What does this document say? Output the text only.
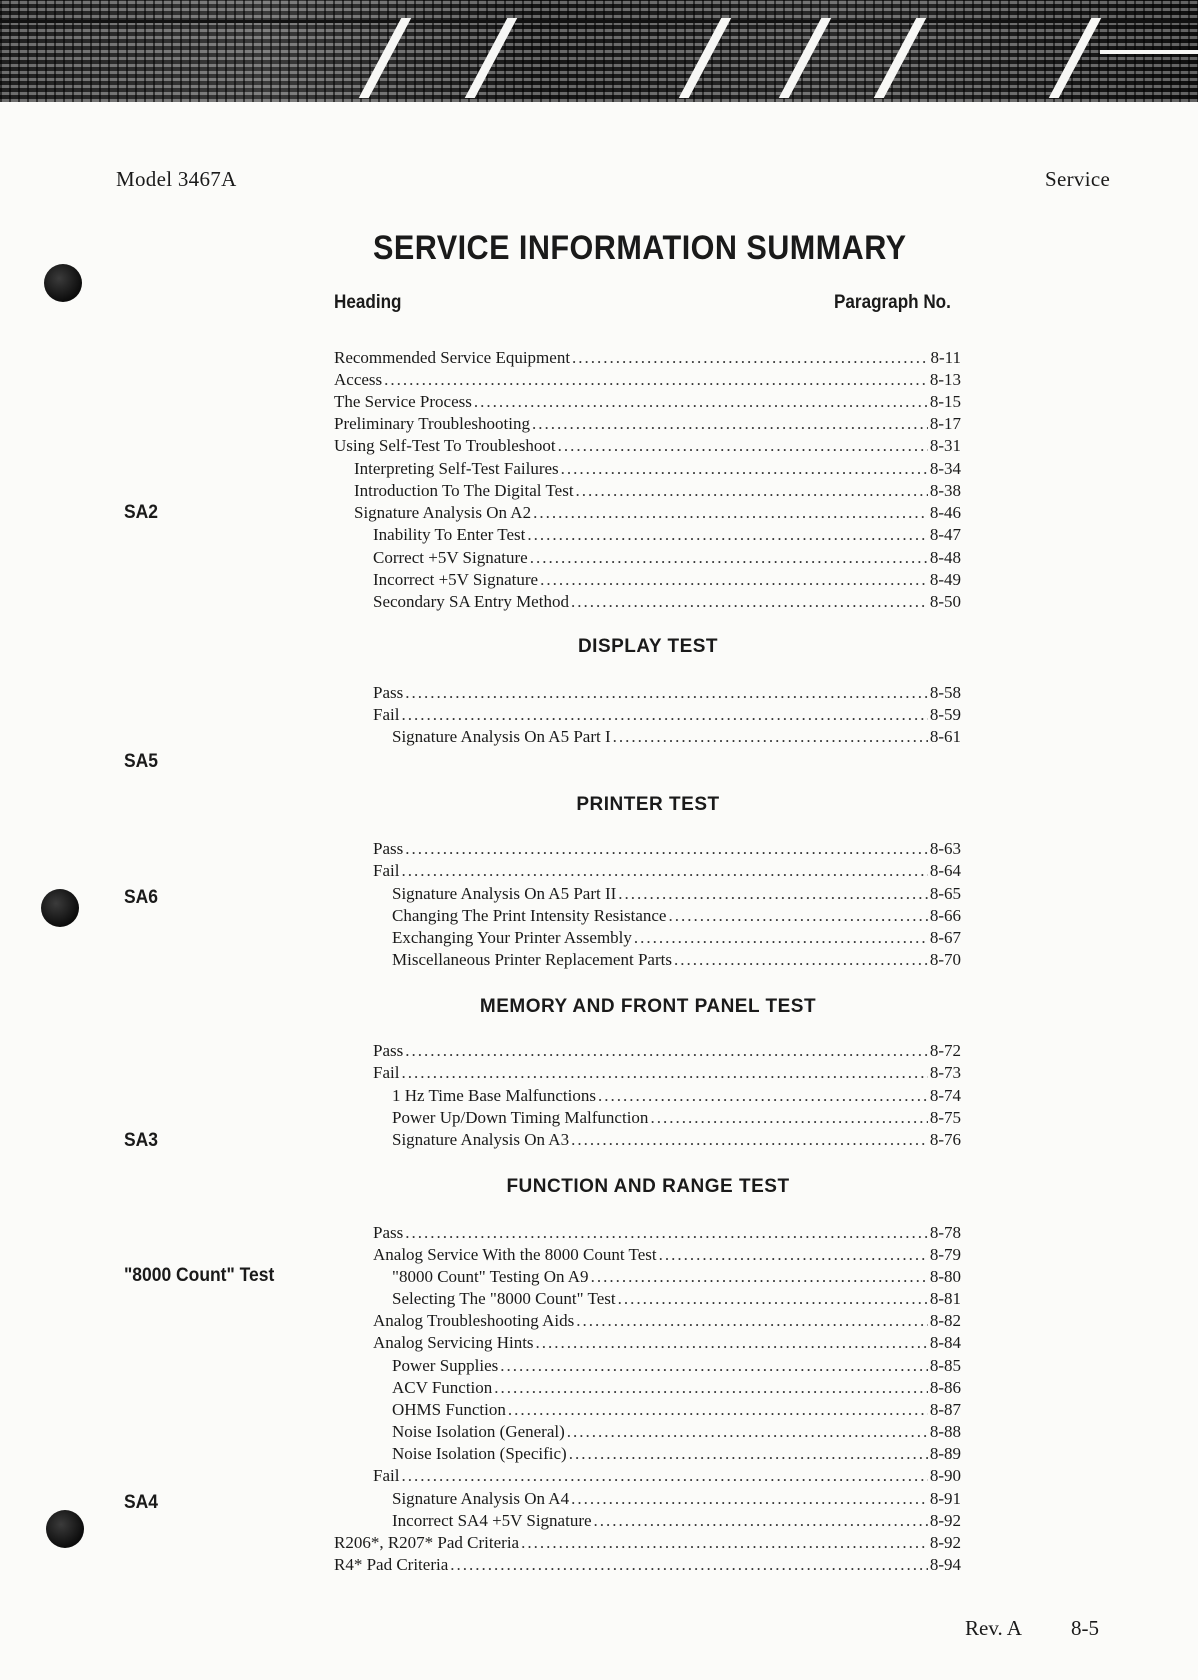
Model 3467A	Service
SERVICE INFORMATION SUMMARY
Heading	Paragraph No.
SA2
SA5
SA6
SA3
"8000 Count" Test
SA4
Recommended Service Equipment .....	8-11
Access .....	8-13
The Service Process .....	8-15
Preliminary Troubleshooting .....	8-17
Using Self-Test To Troubleshoot .....	8-31
Interpreting Self-Test Failures .....	8-34
Introduction To The Digital Test .....	8-38
Signature Analysis On A2 .....	8-46
Inability To Enter Test .....	8-47
Correct +5V Signature .....	8-48
Incorrect +5V Signature .....	8-49
Secondary SA Entry Method .....	8-50
DISPLAY TEST
Pass .....	8-58
Fail .....	8-59
Signature Analysis On A5 Part I .....	8-61
PRINTER TEST
Pass .....	8-63
Fail .....	8-64
Signature Analysis On A5 Part II .....	8-65
Changing The Print Intensity Resistance .....	8-66
Exchanging Your Printer Assembly .....	8-67
Miscellaneous Printer Replacement Parts .....	8-70
MEMORY AND FRONT PANEL TEST
Pass .....	8-72
Fail .....	8-73
1 Hz Time Base Malfunctions .....	8-74
Power Up/Down Timing Malfunction .....	8-75
Signature Analysis On A3 .....	8-76
FUNCTION AND RANGE TEST
Pass .....	8-78
Analog Service With the 8000 Count Test .....	8-79
"8000 Count" Testing On A9 .....	8-80
Selecting The "8000 Count" Test .....	8-81
Analog Troubleshooting Aids .....	8-82
Analog Servicing Hints .....	8-84
Power Supplies .....	8-85
ACV Function .....	8-86
OHMS Function .....	8-87
Noise Isolation (General) .....	8-88
Noise Isolation (Specific) .....	8-89
Fail .....	8-90
Signature Analysis On A4 .....	8-91
Incorrect SA4 +5V Signature .....	8-92
R206*, R207* Pad Criteria .....	8-92
R4* Pad Criteria .....	8-94
Rev. A 8-5
